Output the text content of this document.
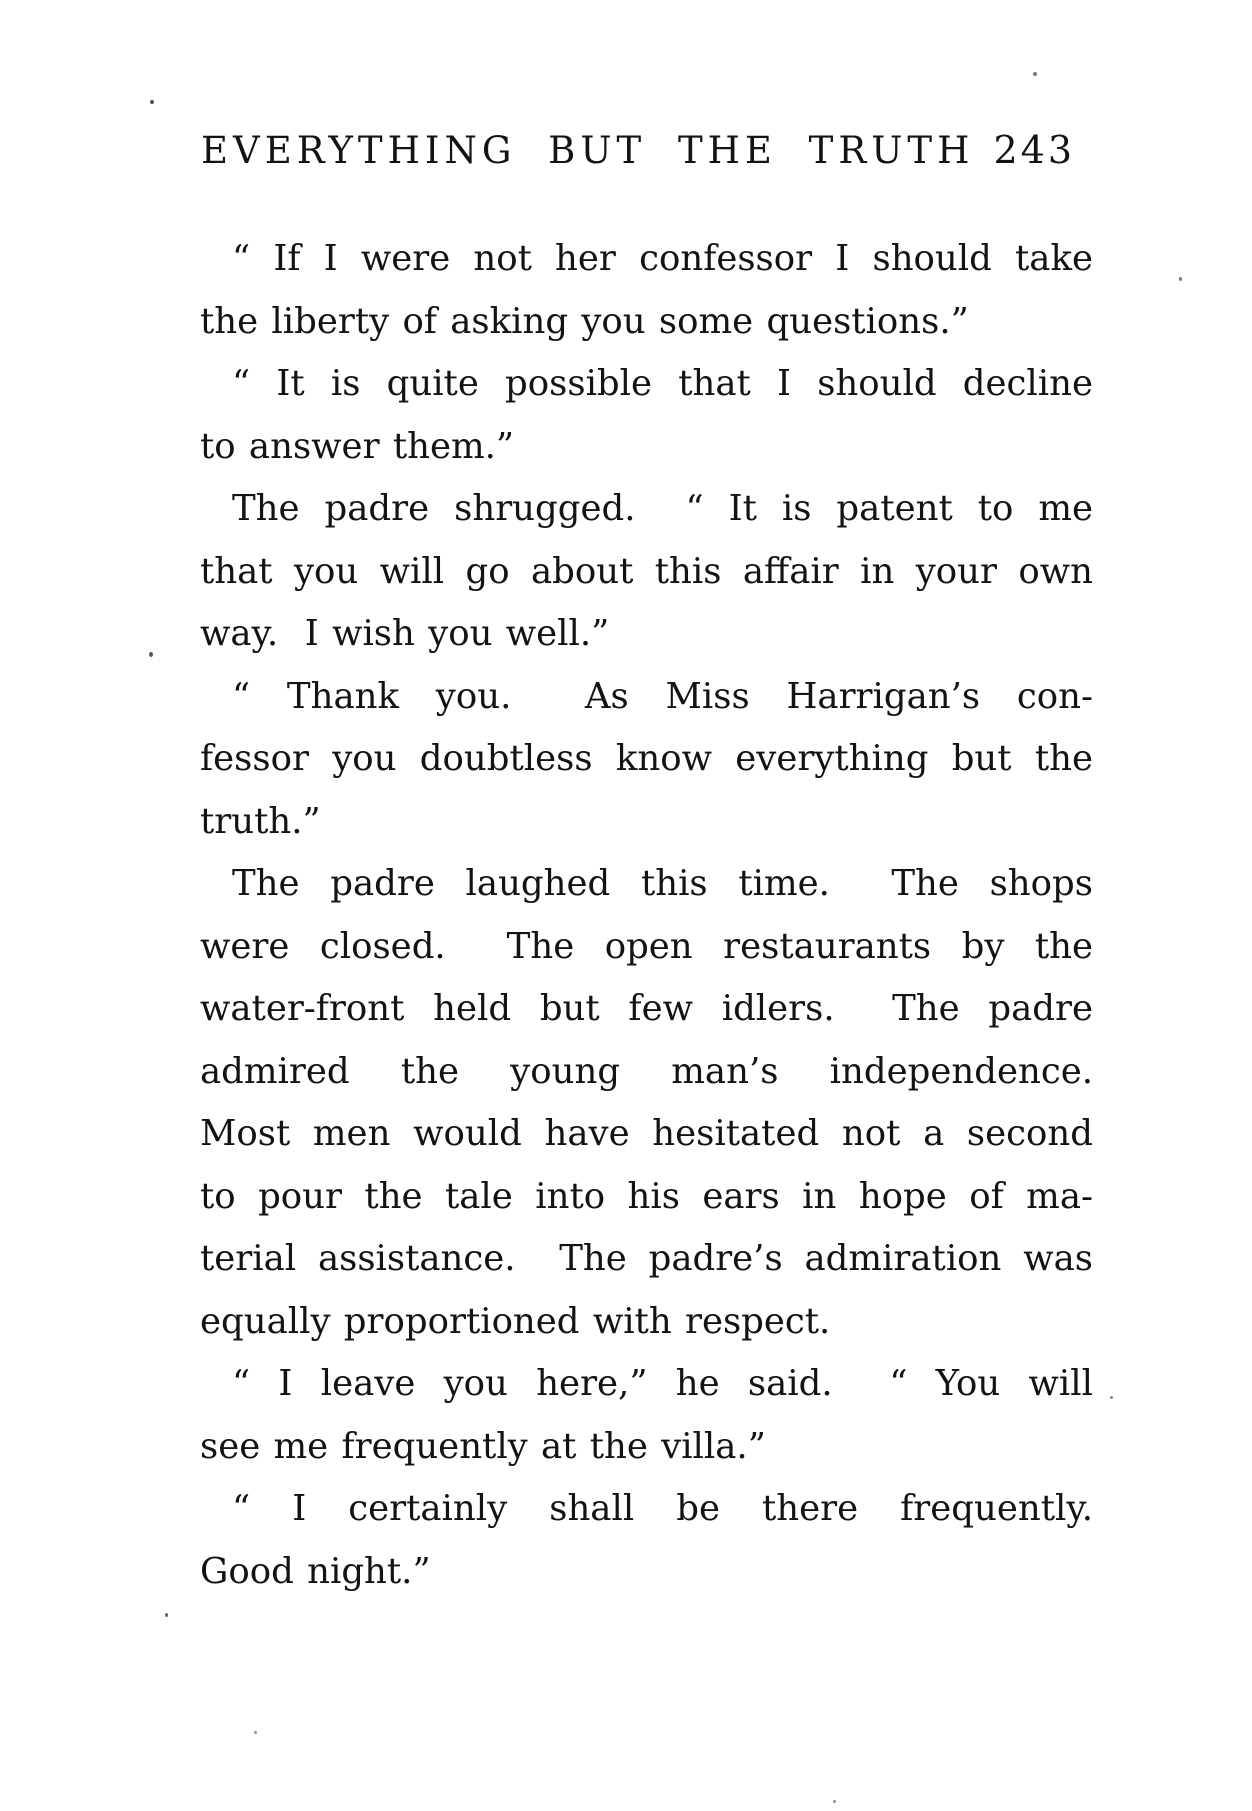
EVERYTHING BUT THE TRUTH 243
“ If I were not her confessor I should take
the liberty of asking you some questions.”
“ It is quite possible that I should decline
to answer them.”
The padre shrugged.  “ It is patent to me
that you will go about this affair in your own
way.  I wish you well.”
“ Thank you.  As Miss Harrigan’s con-
fessor you doubtless know everything but the
truth.”
The padre laughed this time.  The shops
were closed.  The open restaurants by the
water-front held but few idlers.  The padre
admired the young man’s independence.
Most men would have hesitated not a second
to pour the tale into his ears in hope of ma-
terial assistance.  The padre’s admiration was
equally proportioned with respect.
“ I leave you here,” he said.  “ You will
see me frequently at the villa.”
“ I certainly shall be there frequently.
Good night.”
